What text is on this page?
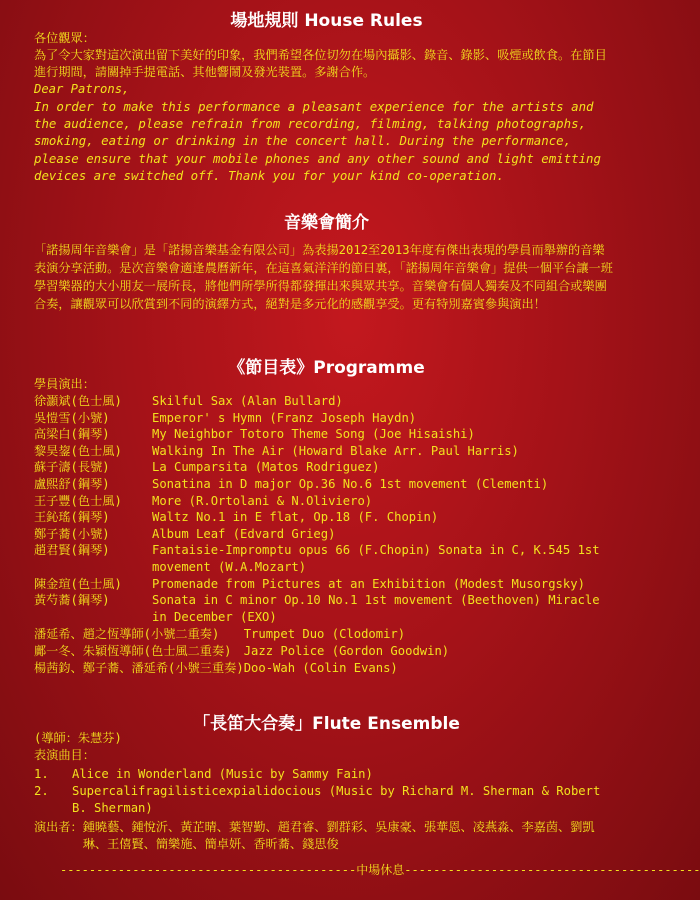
場地規則 House Rules

各位觀眾：

為了令大家對這次演出留下美好的印象，我們希望各位切勿在場內攝影、錄音、錄影、吸煙或飲食。在節目進行期間，請關掉手提電話、其他響鬧及發光裝置。多謝合作。

Dear Patrons,

In order to make this performance a pleasant experience for the artists and the audience, please refrain from recording, filming, talking photographs, smoking, eating or drinking in the concert hall. During the performance, please ensure that your mobile phones and any other sound and light emitting devices are switched off. Thank you for your kind co-operation.

音樂會簡介

「諾揚周年音樂會」是「諾揚音樂基金有限公司」為表揚2012至2013年度有傑出表現的學員而舉辦的音樂表演分享活動。是次音樂會適逢農曆新年，在這喜氣洋洋的節日裏，「諾揚周年音樂會」提供一個平台讓一班學習樂器的大小朋友一展所長，將他們所學所得都發揮出來與眾共享。音樂會有個人獨奏及不同組合或樂團合奏，讓觀眾可以欣賞到不同的演繹方式，絕對是多元化的感觀享受。更有特別嘉賓參與演出！

《節目表》Programme

學員演出：

徐灝斌(色士風)	Skilful Sax (Alan Bullard)
吳愷雪(小號)	Emperor' s Hymn (Franz Joseph Haydn)
高梁白(鋼琴)	My Neighbor Totoro Theme Song (Joe Hisaishi)
黎昊鋆(色士風)	Walking In The Air (Howard Blake Arr. Paul Harris)
蘇子濤(長號)	La Cumparsita (Matos Rodriguez)
盧熙舒(鋼琴)	Sonatina in D major Op.36 No.6 1st movement (Clementi)
王子豐(色士風)	More (R.Ortolani & N.Oliviero)
王鈊瑤(鋼琴)	Waltz No.1 in E flat, Op.18 (F. Chopin)
鄭子蕎(小號)	Album Leaf (Edvard Grieg)
趙君賢(鋼琴)	Fantaisie-Impromptu opus 66 (F.Chopin) Sonata in C, K.545 1st movement (W.A.Mozart)
陳金瑄(色士風)	Promenade from Pictures at an Exhibition (Modest Musorgsky)
黃芍蕎(鋼琴)	Sonata in C minor Op.10 No.1 1st movement (Beethoven) Miracle in December (EXO)
潘延希、趙之恆導師(小號二重奏)	Trumpet Duo (Clodomir)
鄺一冬、朱穎恆導師(色士風二重奏)	Jazz Police (Gordon Goodwin)
楊茜鈞、鄭子蕎、潘延希(小號三重奏)	Doo-Wah (Colin Evans)
「長笛大合奏」Flute Ensemble

(導師：朱慧芬)

表演曲目：

1.	Alice in Wonderland (Music by Sammy Fain)
2.	Supercalifragilisticexpialidocious (Music by Richard M. Sherman & Robert B. Sherman)
演出者： 鍾曉藝、鍾悅沂、黃芷晴、葉智勤、趙君睿、劉群彩、吳康豪、張華恩、凌燕淼、李嘉茵、劉凱琳、王僖賢、簡樂施、簡卓妍、香昕蕎、錢思俊
-----------------------------------------中場休息-----------------------------------------
